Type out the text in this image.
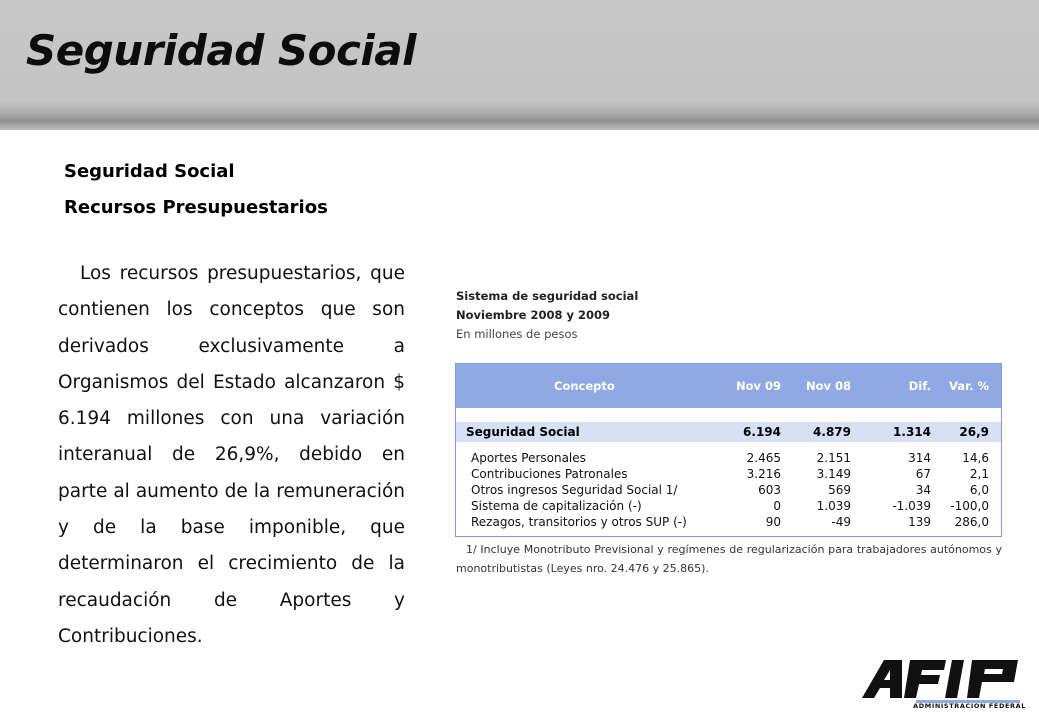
Seguridad Social
Seguridad Social
Recursos Presupuestarios
Los recursos presupuestarios, que contienen los conceptos que son derivados exclusivamente a Organismos del Estado alcanzaron $ 6.194 millones con una variación interanual de 26,9%, debido en parte al aumento de la remuneración y de la base imponible, que determinaron el crecimiento de la recaudación de Aportes y Contribuciones.
Sistema de seguridad social
Noviembre 2008 y 2009
En millones de pesos
Concepto	Nov 09 Nov 08	Dif. Var. %
Seguridad Social	6.194	4.879	1.314 26,9
Aportes Personales	2.465	2.151	314	14,6
Contribuciones Patronales	3.216	3.149	67	2,1
Otros ingresos Seguridad Social 1/	603	569	34	6,0
Sistema de capitalización (-)	0	1.039	-1.039 -100,0
Rezagos, transitorios y otros SUP (-)	90	-49	139 286,0
1/ Incluye Monotributo Previsional y regímenes de regularización para trabajadores autónomos y monotributistas (Leyes nro. 24.476 y 25.865).
ADMINISTRACION FEDERAL
